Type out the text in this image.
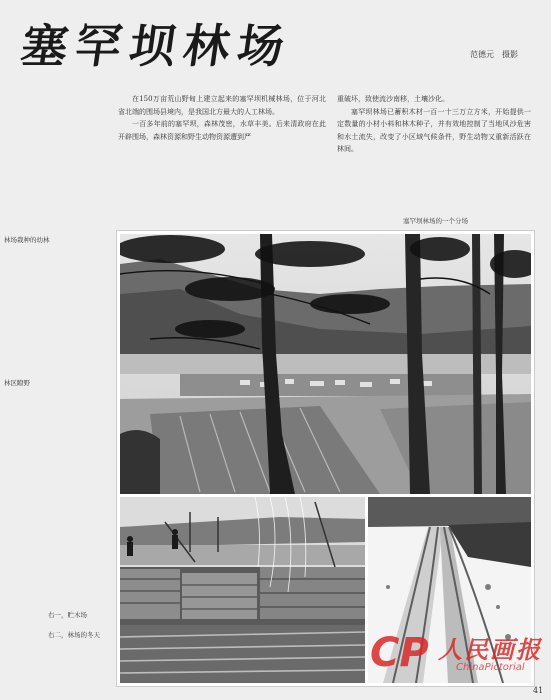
塞罕坝林场	范德元 摄影

在150万亩荒山野甸上建立起来的塞罕坝机械林场，位于河北省北端的围场县境内，是我国北方最大的人工林场。

一百多年前的塞罕坝，森林茂密，水草丰美。后来清政府在此开辟围场，森林资源和野生动物资源遭到严

重破坏，致使流沙南移，土壤沙化。

塞罕坝林场已蓄积木材一百一十三万立方米，开始提供一定数量的小材小料和林木种子，并有效地控制了当地风沙危害和水土流失，改变了小区域气候条件，野生动物又重新活跃在林间。

塞罕坝林场的一个分场
林场栽种的幼林
林区瞭野
右一，贮木场
右二，林场的冬天
41
CP 人民画报
ChinaPictorial
